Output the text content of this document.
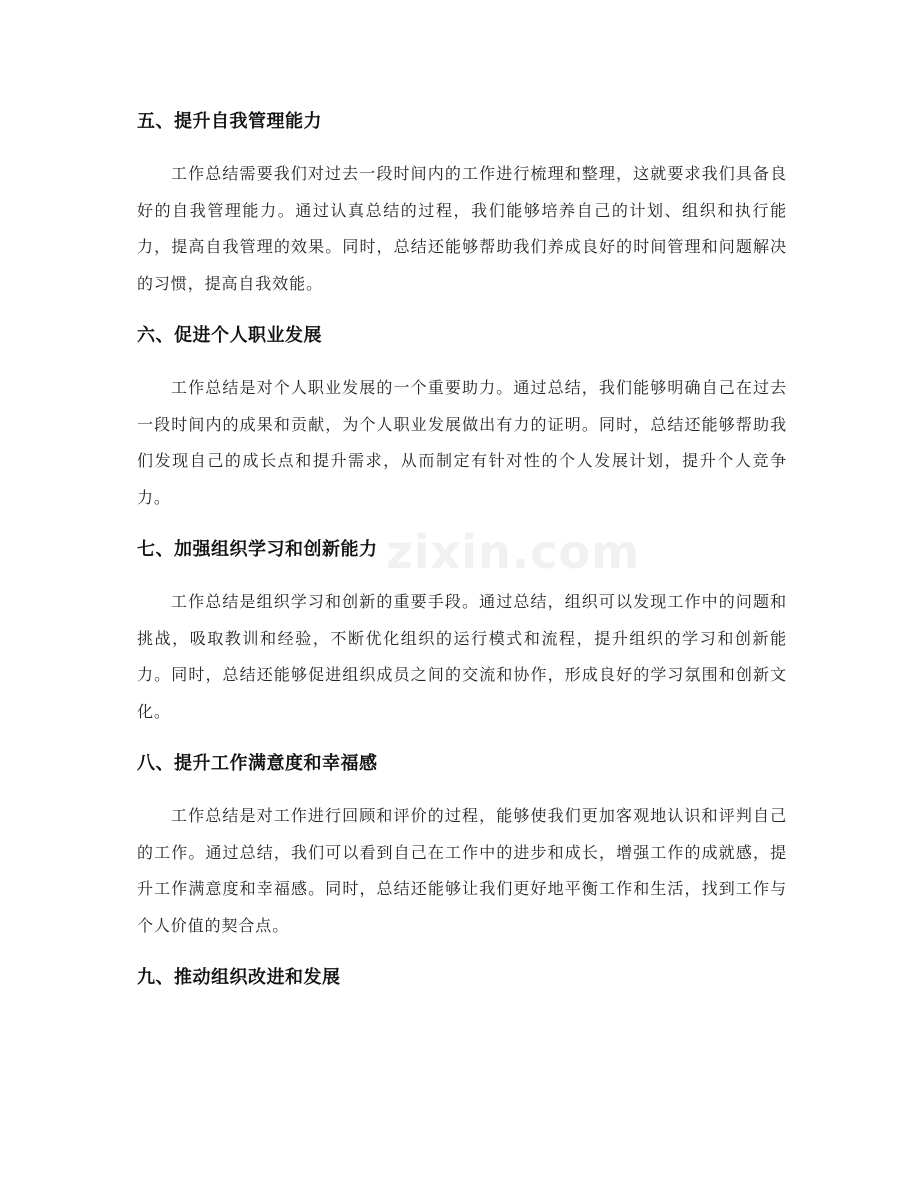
五、提升自我管理能力

工作总结需要我们对过去一段时间内的工作进行梳理和整理，这就要求我们具备良好的自我管理能力。通过认真总结的过程，我们能够培养自己的计划、组织和执行能力，提高自我管理的效果。同时，总结还能够帮助我们养成良好的时间管理和问题解决的习惯，提高自我效能。

六、促进个人职业发展

工作总结是对个人职业发展的一个重要助力。通过总结，我们能够明确自己在过去一段时间内的成果和贡献，为个人职业发展做出有力的证明。同时，总结还能够帮助我们发现自己的成长点和提升需求，从而制定有针对性的个人发展计划，提升个人竞争力。

七、加强组织学习和创新能力

工作总结是组织学习和创新的重要手段。通过总结，组织可以发现工作中的问题和挑战，吸取教训和经验，不断优化组织的运行模式和流程，提升组织的学习和创新能力。同时，总结还能够促进组织成员之间的交流和协作，形成良好的学习氛围和创新文化。

八、提升工作满意度和幸福感

工作总结是对工作进行回顾和评价的过程，能够使我们更加客观地认识和评判自己的工作。通过总结，我们可以看到自己在工作中的进步和成长，增强工作的成就感，提升工作满意度和幸福感。同时，总结还能够让我们更好地平衡工作和生活，找到工作与个人价值的契合点。

九、推动组织改进和发展
zixin.com
